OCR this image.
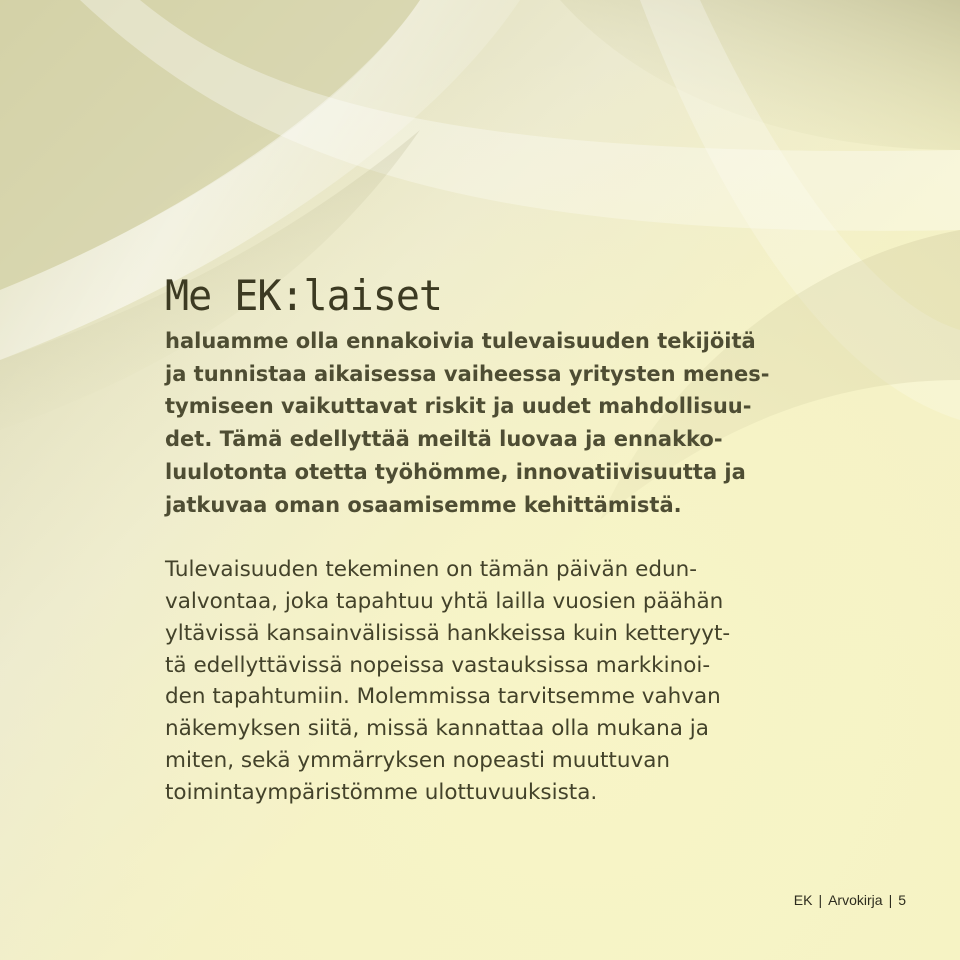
Me EK:laiset

haluamme olla ennakoivia tulevaisuuden tekijöitä
ja tunnistaa aikaisessa vaiheessa yritysten menes-
tymiseen vaikuttavat riskit ja uudet mahdollisuu-
det. Tämä edellyttää meiltä luovaa ja ennakko-
luulotonta otetta työhömme, innovatiivisuutta ja
jatkuvaa oman osaamisemme kehittämistä.

Tulevaisuuden tekeminen on tämän päivän edun-
valvontaa, joka tapahtuu yhtä lailla vuosien päähän
yltävissä kansainvälisissä hankkeissa kuin ketteryyt-
tä edellyttävissä nopeissa vastauksissa markkinoi-
den tapahtumiin. Molemmissa tarvitsemme vahvan
näkemyksen siitä, missä kannattaa olla mukana ja
miten, sekä ymmärryksen nopeasti muuttuvan
toimintaympäristömme ulottuvuuksista.

EK | Arvokirja | 5
